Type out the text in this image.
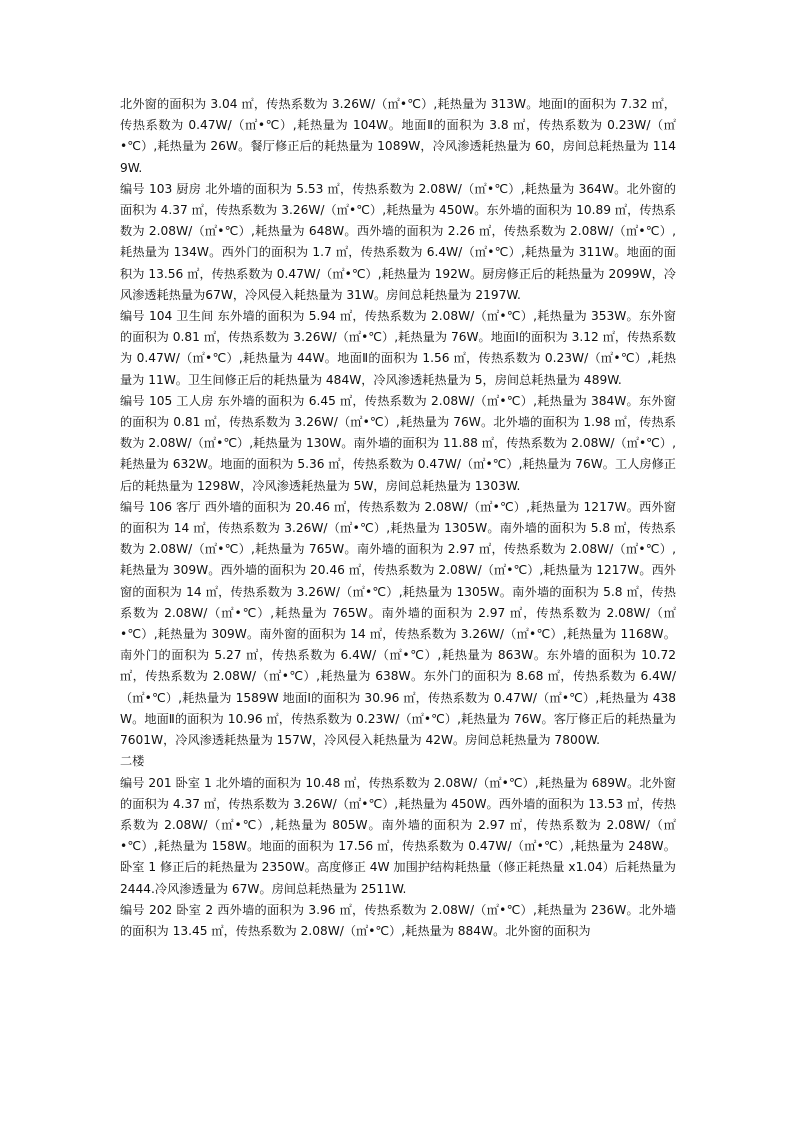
北外窗的面积为 3.04 ㎡，传热系数为 3.26W/（㎡•℃）,耗热量为 313W。地面Ⅰ的面积为 7.32 ㎡，传热系数为 0.47W/（㎡•℃）,耗热量为 104W。地面Ⅱ的面积为 3.8 ㎡，传热系数为 0.23W/（㎡•℃）,耗热量为 26W。餐厅修正后的耗热量为 1089W，冷风渗透耗热量为 60，房间总耗热量为 1149W.

编号 103 厨房 北外墙的面积为 5.53 ㎡，传热系数为 2.08W/（㎡•℃）,耗热量为 364W。北外窗的面积为 4.37 ㎡，传热系数为 3.26W/（㎡•℃）,耗热量为 450W。东外墙的面积为 10.89 ㎡，传热系数为 2.08W/（㎡•℃）,耗热量为 648W。西外墙的面积为 2.26 ㎡，传热系数为 2.08W/（㎡•℃）,耗热量为 134W。西外门的面积为 1.7 ㎡，传热系数为 6.4W/（㎡•℃）,耗热量为 311W。地面的面积为 13.56 ㎡，传热系数为 0.47W/（㎡•℃）,耗热量为 192W。厨房修正后的耗热量为 2099W，冷风渗透耗热量为67W，冷风侵入耗热量为 31W。房间总耗热量为 2197W.

编号 104 卫生间 东外墙的面积为 5.94 ㎡，传热系数为 2.08W/（㎡•℃）,耗热量为 353W。东外窗的面积为 0.81 ㎡，传热系数为 3.26W/（㎡•℃）,耗热量为 76W。地面Ⅰ的面积为 3.12 ㎡，传热系数为 0.47W/（㎡•℃）,耗热量为 44W。地面Ⅱ的面积为 1.56 ㎡，传热系数为 0.23W/（㎡•℃）,耗热量为 11W。卫生间修正后的耗热量为 484W，冷风渗透耗热量为 5，房间总耗热量为 489W.

编号 105 工人房 东外墙的面积为 6.45 ㎡，传热系数为 2.08W/（㎡•℃）,耗热量为 384W。东外窗的面积为 0.81 ㎡，传热系数为 3.26W/（㎡•℃）,耗热量为 76W。北外墙的面积为 1.98 ㎡，传热系数为 2.08W/（㎡•℃）,耗热量为 130W。南外墙的面积为 11.88 ㎡，传热系数为 2.08W/（㎡•℃）,耗热量为 632W。地面的面积为 5.36 ㎡，传热系数为 0.47W/（㎡•℃）,耗热量为 76W。工人房修正后的耗热量为 1298W，冷风渗透耗热量为 5W，房间总耗热量为 1303W.

编号 106 客厅 西外墙的面积为 20.46 ㎡，传热系数为 2.08W/（㎡•℃）,耗热量为 1217W。西外窗的面积为 14 ㎡，传热系数为 3.26W/（㎡•℃）,耗热量为 1305W。南外墙的面积为 5.8 ㎡，传热系数为 2.08W/（㎡•℃）,耗热量为 765W。南外墙的面积为 2.97 ㎡，传热系数为 2.08W/（㎡•℃）,耗热量为 309W。西外墙的面积为 20.46 ㎡，传热系数为 2.08W/（㎡•℃）,耗热量为 1217W。西外窗的面积为 14 ㎡，传热系数为 3.26W/（㎡•℃）,耗热量为 1305W。南外墙的面积为 5.8 ㎡，传热系数为 2.08W/（㎡•℃）,耗热量为 765W。南外墙的面积为 2.97 ㎡，传热系数为 2.08W/（㎡•℃）,耗热量为 309W。南外窗的面积为 14 ㎡，传热系数为 3.26W/（㎡•℃）,耗热量为 1168W。南外门的面积为 5.27 ㎡，传热系数为 6.4W/（㎡•℃）,耗热量为 863W。东外墙的面积为 10.72 ㎡，传热系数为 2.08W/（㎡•℃）,耗热量为 638W。东外门的面积为 8.68 ㎡，传热系数为 6.4W/（㎡•℃）,耗热量为 1589W 地面Ⅰ的面积为 30.96 ㎡，传热系数为 0.47W/（㎡•℃）,耗热量为 438W。地面Ⅱ的面积为 10.96 ㎡，传热系数为 0.23W/（㎡•℃）,耗热量为 76W。客厅修正后的耗热量为 7601W，冷风渗透耗热量为 157W，冷风侵入耗热量为 42W。房间总耗热量为 7800W.

二楼

编号 201 卧室 1 北外墙的面积为 10.48 ㎡，传热系数为 2.08W/（㎡•℃）,耗热量为 689W。北外窗的面积为 4.37 ㎡，传热系数为 3.26W/（㎡•℃）,耗热量为 450W。西外墙的面积为 13.53 ㎡，传热系数为 2.08W/（㎡•℃）,耗热量为 805W。南外墙的面积为 2.97 ㎡，传热系数为 2.08W/（㎡•℃）,耗热量为 158W。地面的面积为 17.56 ㎡，传热系数为 0.47W/（㎡•℃）,耗热量为 248W。卧室 1 修正后的耗热量为 2350W。高度修正 4W 加围护结构耗热量（修正耗热量 x1.04）后耗热量为 2444.冷风渗透量为 67W。房间总耗热量为 2511W.

编号 202 卧室 2 西外墙的面积为 3.96 ㎡，传热系数为 2.08W/（㎡•℃）,耗热量为 236W。北外墙的面积为 13.45 ㎡，传热系数为 2.08W/（㎡•℃）,耗热量为 884W。北外窗的面积为
